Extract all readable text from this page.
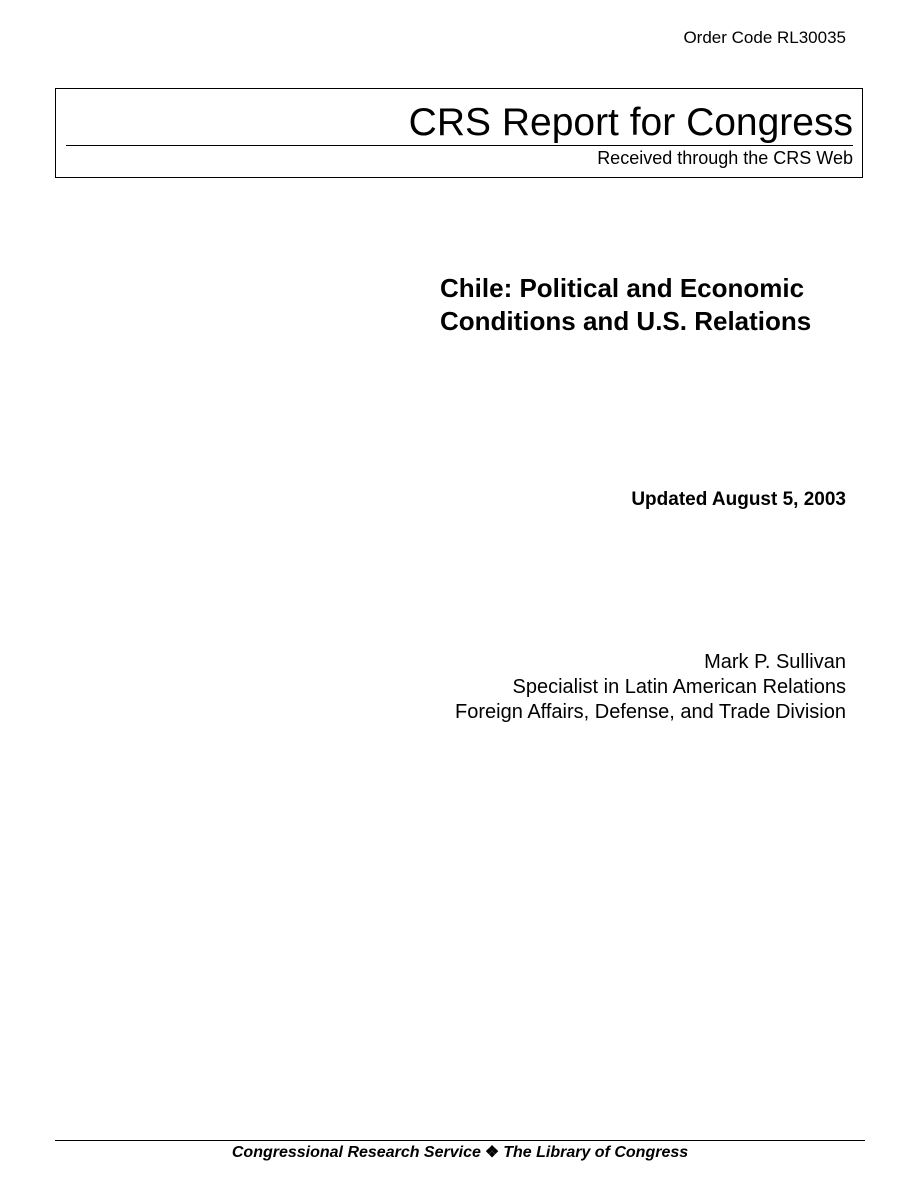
Order Code RL30035
CRS Report for Congress
Received through the CRS Web
Chile: Political and Economic
Conditions and U.S. Relations
Updated August 5, 2003
Mark P. Sullivan
Specialist in Latin American Relations
Foreign Affairs, Defense, and Trade Division
Congressional Research Service ❖ The Library of Congress
